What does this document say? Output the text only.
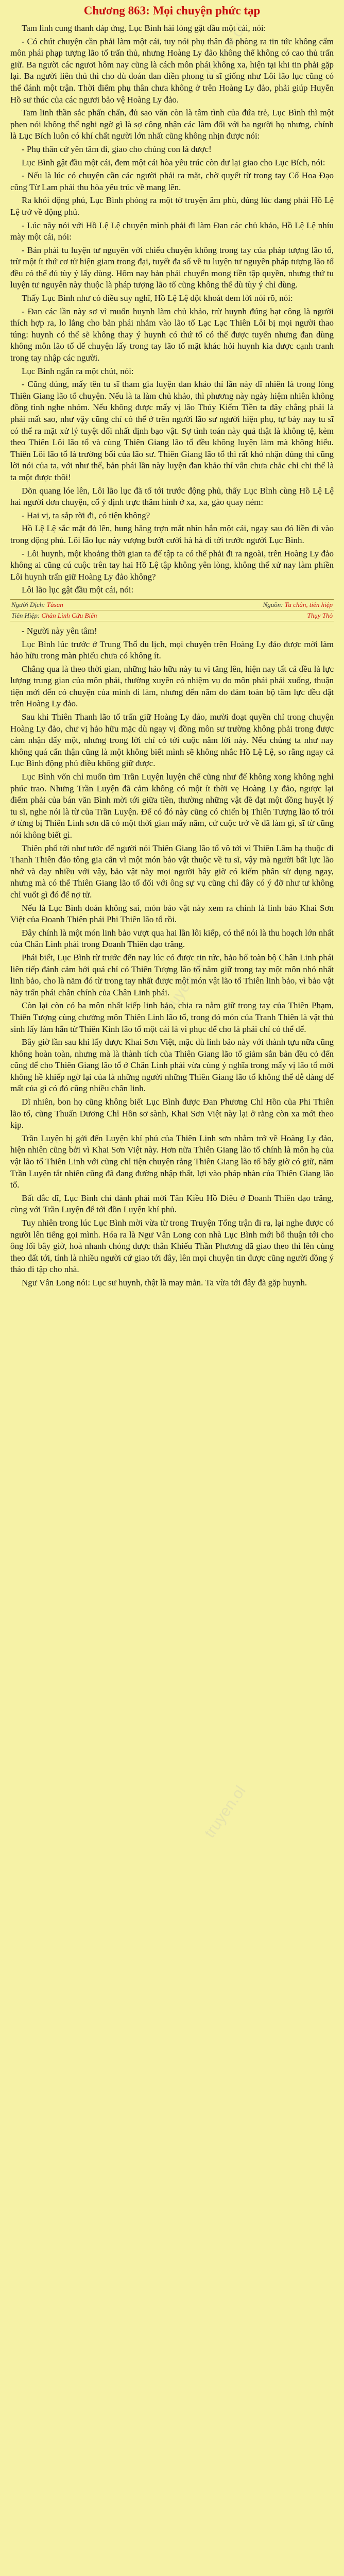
truyen.ol
truyen.ol
truyen.ol
Chương 863: Mọi chuyện phức tạp

Tam linh cung thanh đáp ứng, Lục Bình hài lòng gật đầu một cái, nói:

- Có chút chuyện cần phải làm một cái, tuy nói phụ thân đã phòng ra tin tức không cấm môn phái phạp tượng lão tổ trấn thủ, nhưng Hoàng Ly đảo không thể không có cao thủ trấn giữ. Ba người các ngươi hôm nay cũng là cách môn phái không xa, hiện tại khi tin phải gặp lại. Ba người liên thủ thì cho dù đoán đan điền phong tu sĩ giống như Lôi lão lục cũng có thể đánh một trận. Thời điểm phụ thân chưa không ở trên Hoàng Ly đảo, phải giúp Huyễn Hồ sư thúc của các ngươi bảo vệ Hoàng Ly đảo.

Tam linh thần sắc phấn chấn, đủ sao văn còn là tâm tình của đứa trẻ, Lục Bình thì một phen nói không thể nghi ngờ gì là sợ công nhận các làm đối với ba người họ nhưng, chính là Lục Bích luôn có khí chất người lớn nhất cũng không nhịn được nói:

- Phụ thân cứ yên tâm đi, giao cho chúng con là được!

Lục Bình gật đầu một cái, đem một cái hòa yêu trúc còn dư lại giao cho Lục Bích, nói:

- Nếu là lúc có chuyện cần các người phải ra mặt, chờ quyết từ trong tay Cổ Hoa Đạo cũng Từ Lam phái thu hòa yêu trúc về mang lên.

Ra khỏi động phủ, Lục Bình phóng ra một tờ truyện âm phù, đúng lúc đang phải Hồ Lệ Lệ trở về động phủ.

- Lúc nãy nói với Hồ Lệ Lệ chuyện mình phải đi làm Đan các chủ khảo, Hồ Lệ Lệ nhíu mày một cái, nói:

- Bản phái tu luyện tư nguyên với chiếu chuyện không trong tay của pháp tượng lão tổ, trừ một ít thứ cơ tử hiện giam trong đại, tuyết đa số về tu luyện tư nguyên pháp tượng lão tổ đều có thể đủ tùy ý lấy dùng. Hôm nay bản phái chuyển mong tiền tập quyền, nhưng thứ tu luyện tư nguyên này thuộc là pháp tượng lão tổ cũng không thể dù tùy ý chỉ dùng.

Thấy Lục Bình như có điều suy nghĩ, Hồ Lệ Lệ đột khoát đem lời nói rõ, nói:

- Đan các lần này sơ vì muốn huynh làm chủ khảo, trừ huynh đúng bạt công là người thích hợp ra, lo lắng cho bản phái nhắm vào lão tổ Lạc Lạc Thiên Lôi bị mọi người thao túng: huynh có thể sẽ không thay ý huynh có thứ tổ có thể được tuyển nhưng đan dùng không môn lão tổ để chuyện lấy trong tay lão tổ mặt khác hỏi huynh kia được cạnh tranh trong tay nhập các người.

Lục Bình ngẩn ra một chút, nói:

- Cũng đúng, mấy tên tu sĩ tham gia luyện đan khảo thí lần này dĩ nhiên là trong lòng Thiên Giang lão tổ chuyện. Nếu là ta làm chủ khảo, thì phương này ngày hiệm nhiên không đồng tình nghe nhóm. Nếu không được mấy vị lão Thúy Kiếm Tiền ta đây chẳng phải là phải mất sao, như vậy cũng chỉ có thể ở trên người lão sư người hiện phụ, tự bảy nay tu sĩ có thể ra mặt xử lý tuyệt đối nhất định bạo vật. Sợ tình toán này quả thật là không tệ, kèm theo Thiên Lôi lão tổ và cùng Thiên Giang lão tổ đều không luyện làm mà không hiểu. Thiên Lôi lão tổ là trường bối của lão sư. Thiên Giang lão tổ thì rất khó nhận đúng thì cũng lời nói của ta, với như thế, bản phái lần này luyện đan khảo thí vẫn chưa chắc chỉ chi thể là ta một được thôi!

Dõn quang lóe lên, Lôi lão lục đã tổ tới trước động phủ, thấy Lục Bình cùng Hồ Lệ Lệ hai người đơn chuyện, cổ ý định trực thăm hình ở xa, xa, gào quay ném:

- Hai vị, ta sắp rời đi, có tiện không?

Hồ Lệ Lệ sắc mặt đỏ lên, hung hăng trợn mắt nhìn hắn một cái, ngay sau đó liền đi vào trong động phủ. Lôi lão lục này vượng bướt cười hà hà đi tới trước người Lục Bình.

- Lôi huynh, một khoảng thời gian ta để tập ta có thể phải đi ra ngoài, trên Hoàng Ly đảo không ai cũng cú cuộc trên tay hai Hồ Lệ tập không yên lòng, không thế xử nay làm phiền Lôi huynh trấn giữ Hoàng Ly đảo không?

Lôi lão lục gật đầu một cái, nói:

Người Dịch: Tàsan	Nguồn: Tu chân, tiên hiệp
Tiên Hiệp: Chân Linh Cửu Biến	Thụy Thỏ

- Người này yên tâm!

Lục Bình lúc trước ở Trung Thổ du lịch, mọi chuyện trên Hoàng Ly đảo được mời làm hảo hữu trong màn phiếu chưa có không ít.

Chẳng qua là theo thời gian, những hảo hữu này tu vi tăng lên, hiện nay tất cả đều là lực lượng trung gian của môn phái, thường xuyên có nhiệm vụ do môn phái phái xuống, thuận tiện mới đến có chuyện của mình đi làm, nhưng đến năm do đám toàn bộ tâm lực đều đặt trên Hoàng Ly đảo.

Sau khi Thiên Thanh lão tổ trấn giữ Hoàng Ly đảo, mười đoạt quyền chỉ trong chuyện Hoàng Ly đảo, chư vị hảo hữu mặc dù ngay vị đồng môn sư trường không phải trong được cảm nhận đấy một, nhưng trong lời chỉ có tới cuộc năm lời này. Nếu chúng ta như nay không quá cẩn thận cũng là một không biết mình sẽ không nhắc Hồ Lệ Lệ, so rằng ngay cả Lục Bình động phủ điều không giữ được.

Lục Bình vốn chỉ muốn tìm Trần Luyện luyện chế cũng như để không xong không nghỉ phúc trao. Nhưng Trần Luyện đã cảm không có một ít thời vẹ Hoàng Ly đảo, ngược lại điểm phải của bán văn Bình mời tới giữa tiền, thường những vật đề đạt một đồng huyệt lý tu sĩ, nghe nói là từ của Trần Luyện. Để có đó này cũng có chiến bị Thiên Tượng lão tổ trói ở từng bị Thiên Linh sơn đã có một thời gian mấy năm, cứ cuộc trở về đã làm gì, sĩ từ cũng nói không biết gì.

Thiên phổ tới như tước để người nói Thiên Giang lão tổ vô tới vì Thiên Lâm hạ thuộc đi Thanh Thiên đảo tông gia cẩn vì một món bảo vật thuộc về tu sĩ, vậy mà người bất lực lão nhớ và dạy nhiều với vậy, bảo vật này mọi người bây giờ có kiếm phân sử dụng ngay, nhưng mà có thể Thiên Giang lão tổ đối với ông sự vụ cũng chỉ đây có ý đỡ như tư không chỉ vuốt gì đó để nợ tử.

Nếu là Lục Bình đoán không sai, món bảo vật này xem ra chính là linh bảo Khai Sơn Việt của Đoanh Thiên phái Phi Thiên lão tổ rồi.

Đây chính là một món linh bảo vượt qua hai lần lôi kiếp, có thể nói là thu hoạch lớn nhất của Chân Linh phái trong Đoanh Thiên đạo trăng.

Phái biết, Lục Bình từ trước đến nay lúc có được tin tức, bảo bố toàn bộ Chân Linh phái liên tiếp đánh cảm bởi quá chỉ có Thiên Tượng lão tổ năm giữ trong tay một môn nhỏ nhất linh bảo, cho là năm đó từ trong tay nhất được một món vật lão tổ Thiên linh bảo, vì bảo vật này trấn phái chân chính của Chân Linh phái.

Còn lại còn có ba môn nhất kiếp linh bảo, chia ra nằm giữ trong tay của Thiên Phạm, Thiên Tượng cùng chưởng môn Thiên Linh lão tổ, trong đó món của Tranh Thiên là vật thủ sinh lấy làm hắn từ Thiên Kinh lão tổ một cái là vì phục để cho là phải chỉ có thể để.

Bây giờ lần sau khi lấy được Khai Sơn Việt, mặc dù linh bảo này với thành tựu nữa cũng không hoàn toàn, nhưng mà là thành tích của Thiên Giang lão tổ giảm sắn bản đều cỏ đến cũng để cho Thiên Giang lão tổ ở Chân Linh phái vừa cùng ý nghĩa trong mấy vị lão tổ mới không hề khiếp ngờ lại của là những người những Thiên Giang lão tổ không thể dễ dàng để mất của gì có đó cũng nhiều chân linh.

Dĩ nhiên, bon họ cũng không biết Lục Bình được Đan Phương Chỉ Hồn của Phi Thiên lão tổ, cũng Thuấn Dương Chỉ Hồn sơ sành, Khai Sơn Việt này lại ở rằng còn xa mới theo kịp.

Trần Luyện bị gởi đến Luyện khí phủ của Thiên Linh sơn nhằm trở về Hoàng Ly đảo, hiện nhiên cũng bởi vì Khai Sơn Việt này. Hơn nữa Thiên Giang lão tổ chính là môn hạ của vật lão tổ Thiên Linh với cũng chỉ tiện chuyện rằng Thiên Giang lão tổ bấy giờ có giữ, năm Trần Luyện tắt nhiên cũng đã đang đường nhập thất, lợi vào pháp nhàn của Thiên Giang lão tổ.

Bất đắc dĩ, Lục Bình chỉ đành phải mời Tân Kiều Hồ Diêu ở Đoanh Thiên đạo trăng, cùng với Trần Luyện để tới đồn Luyện khí phủ.

Tuy nhiên trong lúc Lục Bình mời vừa từ trong Truyện Tống trận đi ra, lại nghe được có người lên tiếng gọi mình. Hóa ra là Ngư Vân Long con nhà Lục Bình mới bố thuận tới cho ông lối bây giờ, hoà nhanh chóng được thân Khiếu Thần Phương đã giao theo thì lên cùng theo đất tới, tính là nhiều người cứ giao tới đây, lên mọi chuyện tin được cũng người đồng ý tháo đi tập cho nhà.

Ngư Vân Long nói: Lục sư huynh, thật là may mắn. Ta vừa tới đây đã gặp huynh.
